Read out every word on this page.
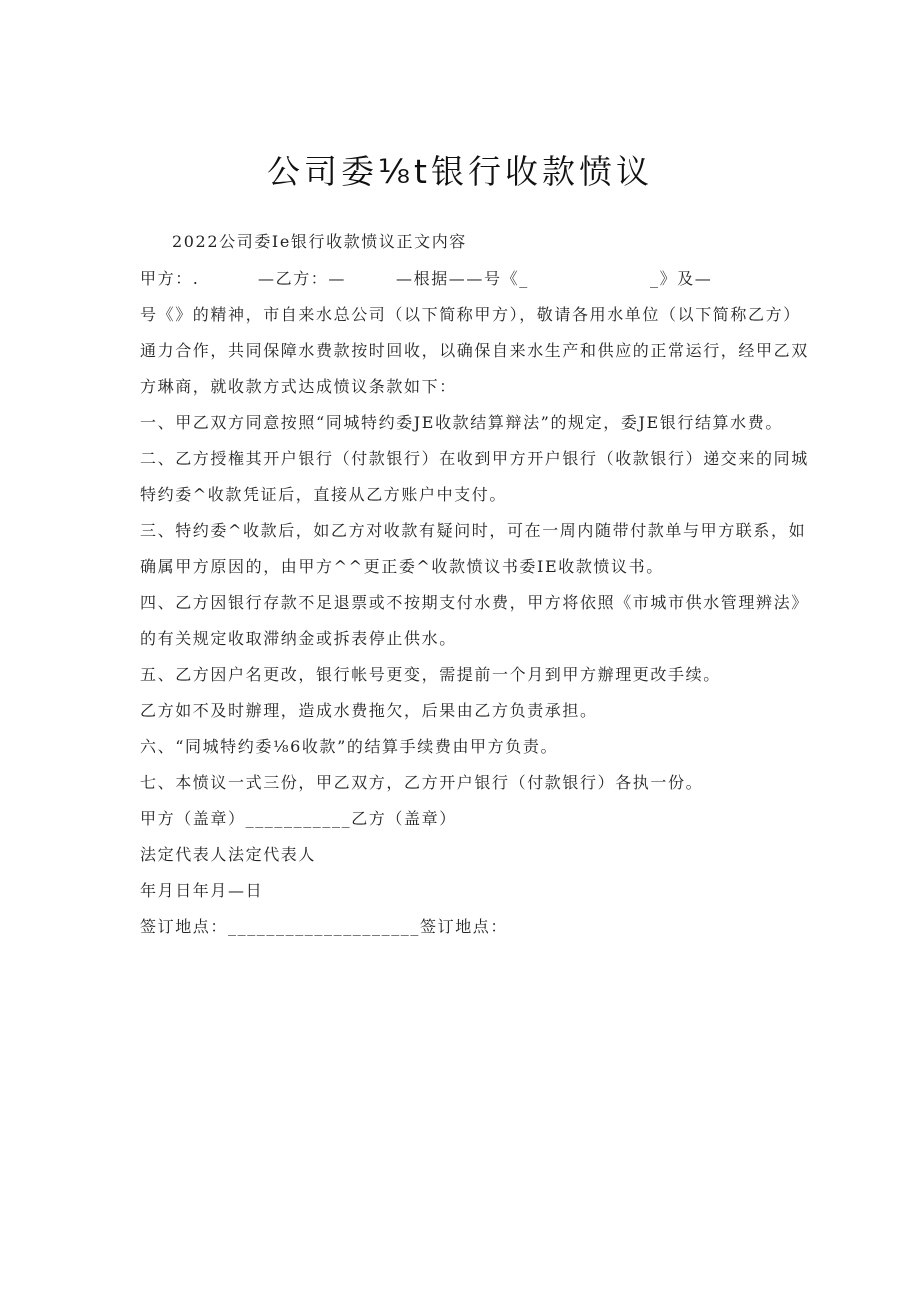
公司委⅛t银行收款愤议
2022公司委Ie银行收款愤议正文内容
甲方：.	—乙方：—	—根据——号《_	_》及—
号《》的精神，市自来水总公司（以下简称甲方），敬请各用水单位（以下简称乙方）
通力合作，共同保障水费款按时回收，以确保自来水生产和供应的正常运行，经甲乙双
方琳商，就收款方式达成愤议条款如下：
一、甲乙双方同意按照“同城特约委JE收款结算辩法”的规定，委JE银行结算水费。
二、乙方授権其开户银行（付款银行）在收到甲方开户银行（收款银行）递交来的同城
特约委^收款凭证后，直接从乙方账户中支付。
三、特约委^收款后，如乙方对收款有疑问时，可在一周内随带付款单与甲方联系，如
确属甲方原因的，由甲方^^更正委^收款愤议书委IE收款愤议书。
四、乙方因银行存款不足退票或不按期支付水费，甲方将依照《市城市供水管理辨法》
的有关规定收取滞纳金或拆表停止供水。
五、乙方因户名更改，银行帐号更变，需提前一个月到甲方辦理更改手续。
乙方如不及时辦理，造成水费拖欠，后果由乙方负责承担。
六、“同城特约委⅛6收款”的结算手续费由甲方负责。
七、本愤议一式三份，甲乙双方，乙方开户银行（付款银行）各执一份。
甲方（盖章）___________乙方（盖章）
法定代表人法定代表人
年月日年月—日
签订地点：____________________签订地点：
